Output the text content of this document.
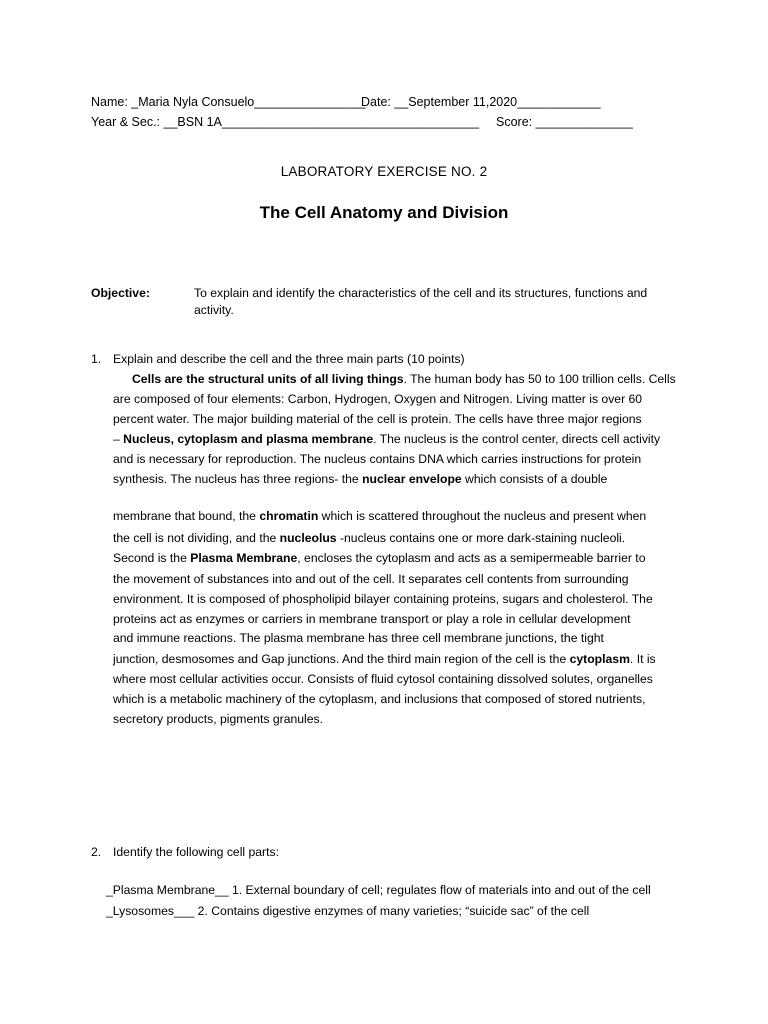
Name: _Maria Nyla Consuelo________________
Date: __September 11,2020____________
Year & Sec.: __BSN 1A_____________________________________ Score: ______________
LABORATORY EXERCISE NO. 2
The Cell Anatomy and Division
Objective:	To explain and identify the characteristics of the cell and its structures, functions and
activity.
1. Explain and describe the cell and the three main parts (10 points)
Cells are the structural units of all living things. The human body has 50 to 100 trillion cells. Cells
are composed of four elements: Carbon, Hydrogen, Oxygen and Nitrogen. Living matter is over 60
percent water. The major building material of the cell is protein. The cells have three major regions
– Nucleus, cytoplasm and plasma membrane. The nucleus is the control center, directs cell activity
and is necessary for reproduction. The nucleus contains DNA which carries instructions for protein
synthesis. The nucleus has three regions- the nuclear envelope which consists of a double
membrane that bound, the chromatin which is scattered throughout the nucleus and present when
the cell is not dividing, and the nucleolus -nucleus contains one or more dark-staining nucleoli.
Second is the Plasma Membrane, encloses the cytoplasm and acts as a semipermeable barrier to
the movement of substances into and out of the cell. It separates cell contents from surrounding
environment. It is composed of phospholipid bilayer containing proteins, sugars and cholesterol. The
proteins act as enzymes or carriers in membrane transport or play a role in cellular development
and immune reactions. The plasma membrane has three cell membrane junctions, the tight
junction, desmosomes and Gap junctions. And the third main region of the cell is the cytoplasm. It is
where most cellular activities occur. Consists of fluid cytosol containing dissolved solutes, organelles
which is a metabolic machinery of the cytoplasm, and inclusions that composed of stored nutrients,
secretory products, pigments granules.
2. Identify the following cell parts:
_Plasma Membrane__ 1. External boundary of cell; regulates flow of materials into and out of the cell
_Lysosomes___ 2. Contains digestive enzymes of many varieties; “suicide sac” of the cell
